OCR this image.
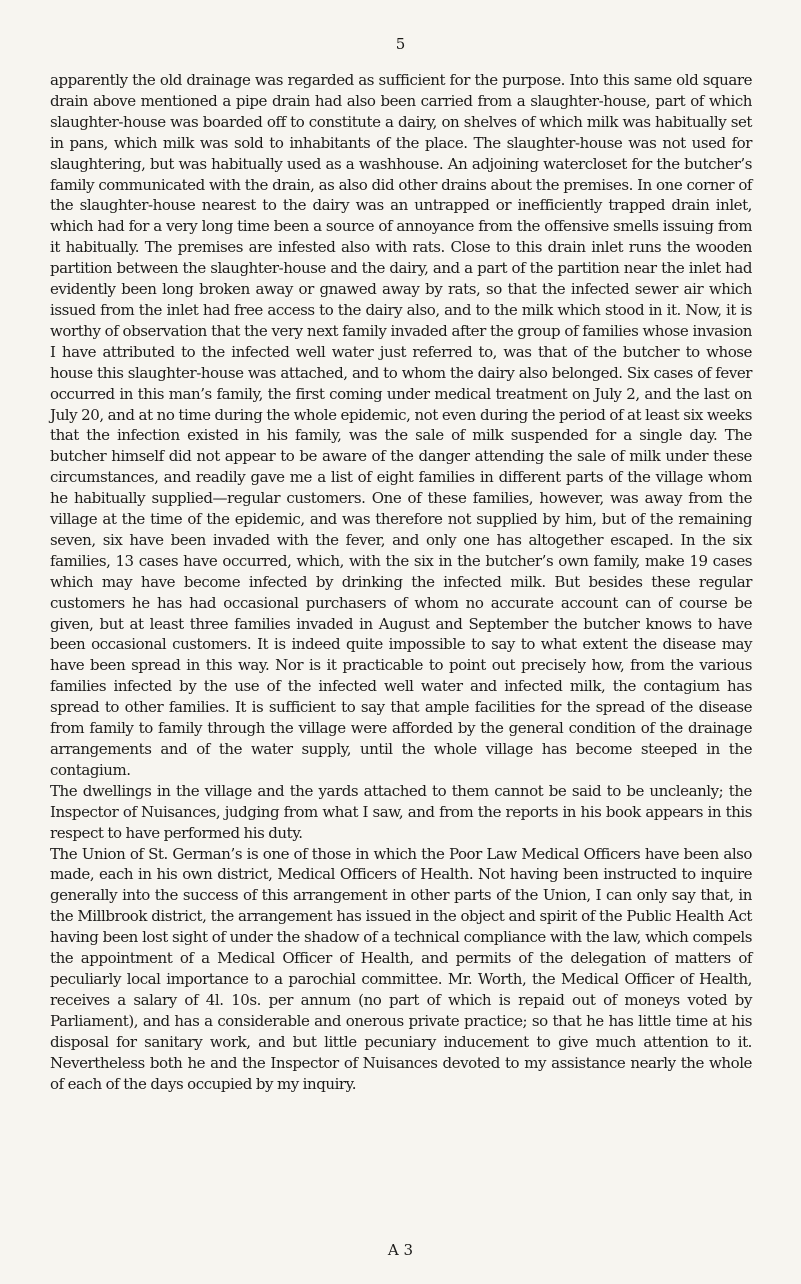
5

apparently the old drainage was regarded as sufficient for the purpose. Into this same old square drain above mentioned a pipe drain had also been carried from a slaughter-house, part of which slaughter-house was boarded off to constitute a dairy, on shelves of which milk was habitually set in pans, which milk was sold to inhabitants of the place. The slaughter-house was not used for slaughtering, but was habitually used as a washhouse. An adjoining watercloset for the butcher’s family communicated with the drain, as also did other drains about the premises. In one corner of the slaughter-house nearest to the dairy was an untrapped or inefficiently trapped drain inlet, which had for a very long time been a source of annoyance from the offensive smells issuing from it habitually. The premises are infested also with rats. Close to this drain inlet runs the wooden partition between the slaughter-house and the dairy, and a part of the partition near the inlet had evidently been long broken away or gnawed away by rats, so that the infected sewer air which issued from the inlet had free access to the dairy also, and to the milk which stood in it. Now, it is worthy of observation that the very next family invaded after the group of families whose invasion I have attributed to the infected well water just referred to, was that of the butcher to whose house this slaughter-house was attached, and to whom the dairy also belonged. Six cases of fever occurred in this man’s family, the first coming under medical treatment on July 2, and the last on July 20, and at no time during the whole epidemic, not even during the period of at least six weeks that the infection existed in his family, was the sale of milk suspended for a single day. The butcher himself did not appear to be aware of the danger attending the sale of milk under these circumstances, and readily gave me a list of eight families in different parts of the village whom he habitually supplied—regular customers. One of these families, however, was away from the village at the time of the epidemic, and was therefore not supplied by him, but of the remaining seven, six have been invaded with the fever, and only one has altogether escaped. In the six families, 13 cases have occurred, which, with the six in the butcher’s own family, make 19 cases which may have become infected by drinking the infected milk. But besides these regular customers he has had occasional purchasers of whom no accurate account can of course be given, but at least three families invaded in August and September the butcher knows to have been occasional customers. It is indeed quite impossible to say to what extent the disease may have been spread in this way. Nor is it practicable to point out precisely how, from the various families infected by the use of the infected well water and infected milk, the contagium has spread to other families. It is sufficient to say that ample facilities for the spread of the disease from family to family through the village were afforded by the general condition of the drainage arrangements and of the water supply, until the whole village has become steeped in the contagium.

The dwellings in the village and the yards attached to them cannot be said to be uncleanly; the Inspector of Nuisances, judging from what I saw, and from the reports in his book appears in this respect to have performed his duty.

The Union of St. German’s is one of those in which the Poor Law Medical Officers have been also made, each in his own district, Medical Officers of Health. Not having been instructed to inquire generally into the success of this arrangement in other parts of the Union, I can only say that, in the Millbrook district, the arrangement has issued in the object and spirit of the Public Health Act having been lost sight of under the shadow of a technical compliance with the law, which compels the appointment of a Medical Officer of Health, and permits of the delegation of matters of peculiarly local importance to a parochial committee. Mr. Worth, the Medical Officer of Health, receives a salary of 4l. 10s. per annum (no part of which is repaid out of moneys voted by Parliament), and has a considerable and onerous private practice; so that he has little time at his disposal for sanitary work, and but little pecuniary inducement to give much attention to it. Nevertheless both he and the Inspector of Nuisances devoted to my assistance nearly the whole of each of the days occupied by my inquiry.

A 3
